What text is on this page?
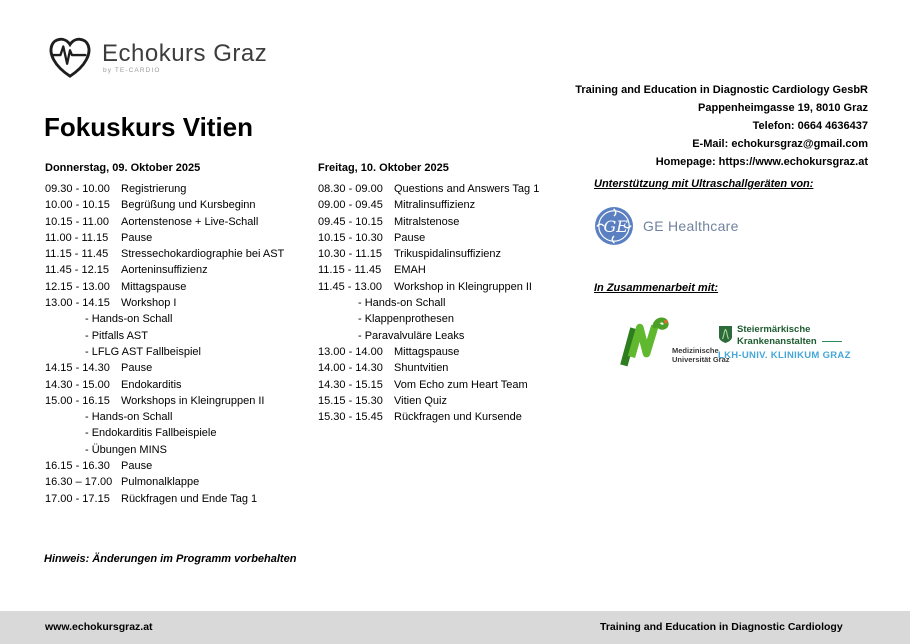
Echokurs Graz
by TE-CARDIO
Training and Education in Diagnostic Cardiology GesbR
Pappenheimgasse 19, 8010 Graz
Telefon: 0664 4636437
E-Mail: echokursgraz@gmail.com
Homepage: https://www.echokursgraz.at
Fokuskurs Vitien
Donnerstag, 09. Oktober 2025
09.30 - 10.00	Registrierung
10.00 - 10.15	Begrüßung und Kursbeginn
10.15 - 11.00	Aortenstenose + Live-Schall
11.00 - 11.15	Pause
11.15 - 11.45	Stressechokardiographie bei AST
11.45 - 12.15	Aorteninsuffizienz
12.15 - 13.00	Mittagspause
13.00 - 14.15	Workshop I
- Hands-on Schall
- Pitfalls AST
- LFLG AST Fallbeispiel
14.15 - 14.30	Pause
14.30 - 15.00	Endokarditis
15.00 - 16.15	Workshops in Kleingruppen II
- Hands-on Schall
- Endokarditis Fallbeispiele
- Übungen MINS
16.15 - 16.30	Pause
16.30 – 17.00 Pulmonalklappe
17.00 - 17.15	Rückfragen und Ende Tag 1
Freitag, 10. Oktober 2025
08.30 - 09.00	Questions and Answers Tag 1
09.00 - 09.45	Mitralinsuffizienz
09.45 - 10.15	Mitralstenose
10.15 - 10.30	Pause
10.30 - 11.15	Trikuspidalinsuffizienz
11.15 - 11.45	EMAH
11.45 - 13.00	Workshop in Kleingruppen II
- Hands-on Schall
- Klappenprothesen
- Paravalvuläre Leaks
13.00 - 14.00	Mittagspause
14.00 - 14.30	Shuntvitien
14.30 - 15.15	Vom Echo zum Heart Team
15.15 - 15.30	Vitien Quiz
15.30 - 15.45	Rückfragen und Kursende
Unterstützung mit Ultraschallgeräten von:
GE GE Healthcare
In Zusammenarbeit mit:
Medizinische
Universität Graz
Steiermärkische
Krankenanstalten
LKH-UNIV. KLINIKUM GRAZ
Hinweis: Änderungen im Programm vorbehalten
www.echokursgraz.at	Training and Education in Diagnostic Cardiology
